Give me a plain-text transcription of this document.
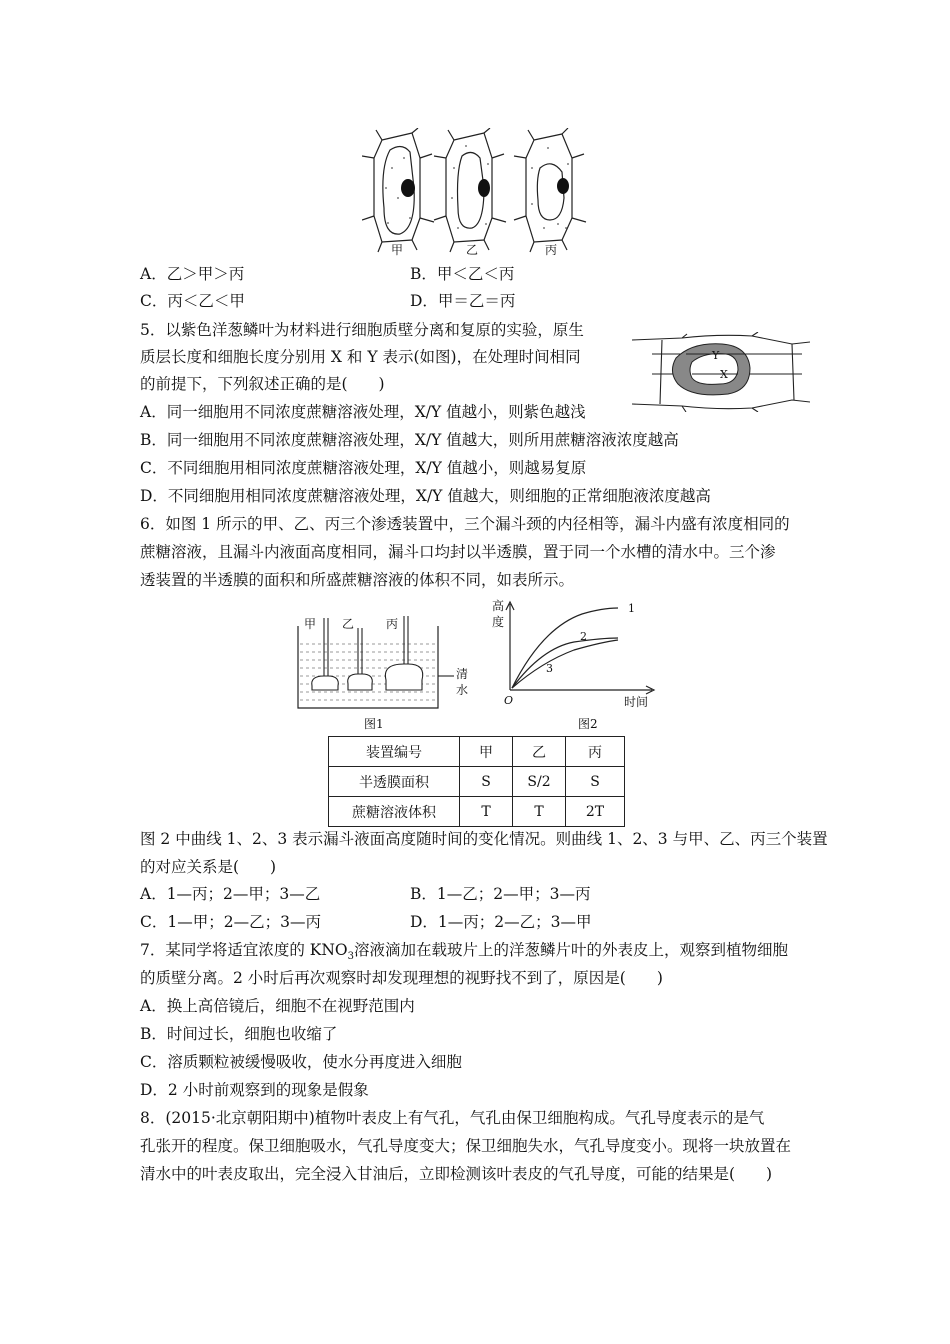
甲	乙	丙
A．乙＞甲＞丙	B．甲＜乙＜丙
C．丙＜乙＜甲	D．甲＝乙＝丙
5．以紫色洋葱鳞叶为材料进行细胞质壁分离和复原的实验，原生
质层长度和细胞长度分别用 X 和 Y 表示(如图)，在处理时间相同
的前提下，下列叙述正确的是(　　)
Y
X
A．同一细胞用不同浓度蔗糖溶液处理，X/Y 值越小，则紫色越浅
B．同一细胞用不同浓度蔗糖溶液处理，X/Y 值越大，则所用蔗糖溶液浓度越高
C．不同细胞用相同浓度蔗糖溶液处理，X/Y 值越小，则越易复原
D．不同细胞用相同浓度蔗糖溶液处理，X/Y 值越大，则细胞的正常细胞液浓度越高
6．如图 1 所示的甲、乙、丙三个渗透装置中，三个漏斗颈的内径相等，漏斗内盛有浓度相同的
蔗糖溶液，且漏斗内液面高度相同，漏斗口均封以半透膜，置于同一个水槽的清水中。三个渗
透装置的半透膜的面积和所盛蔗糖溶液的体积不同，如表所示。
甲 乙	丙
清
水
图1
高
度
O	时间
1
2
3
图2
装置编号	甲	乙	丙
半透膜面积	S	S/2	S
蔗糖溶液体积	T	T	2T
图 2 中曲线 1、2、3 表示漏斗液面高度随时间的变化情况。则曲线 1、2、3 与甲、乙、丙三个装置
的对应关系是(　　)
A．1—丙；2—甲；3—乙	B．1—乙；2—甲；3—丙
C．1—甲；2—乙；3—丙	D．1—丙；2—乙；3—甲
7．某同学将适宜浓度的 $KNO_3$溶液滴加在载玻片上的洋葱鳞片叶的外表皮上，观察到植物细胞
的质壁分离。2 小时后再次观察时却发现理想的视野找不到了，原因是(　　)
A．换上高倍镜后，细胞不在视野范围内
B．时间过长，细胞也收缩了
C．溶质颗粒被缓慢吸收，使水分再度进入细胞
D．2 小时前观察到的现象是假象
8．(2015·北京朝阳期中)植物叶表皮上有气孔，气孔由保卫细胞构成。气孔导度表示的是气
孔张开的程度。保卫细胞吸水，气孔导度变大；保卫细胞失水，气孔导度变小。现将一块放置在
清水中的叶表皮取出，完全浸入甘油后，立即检测该叶表皮的气孔导度，可能的结果是(　　)
